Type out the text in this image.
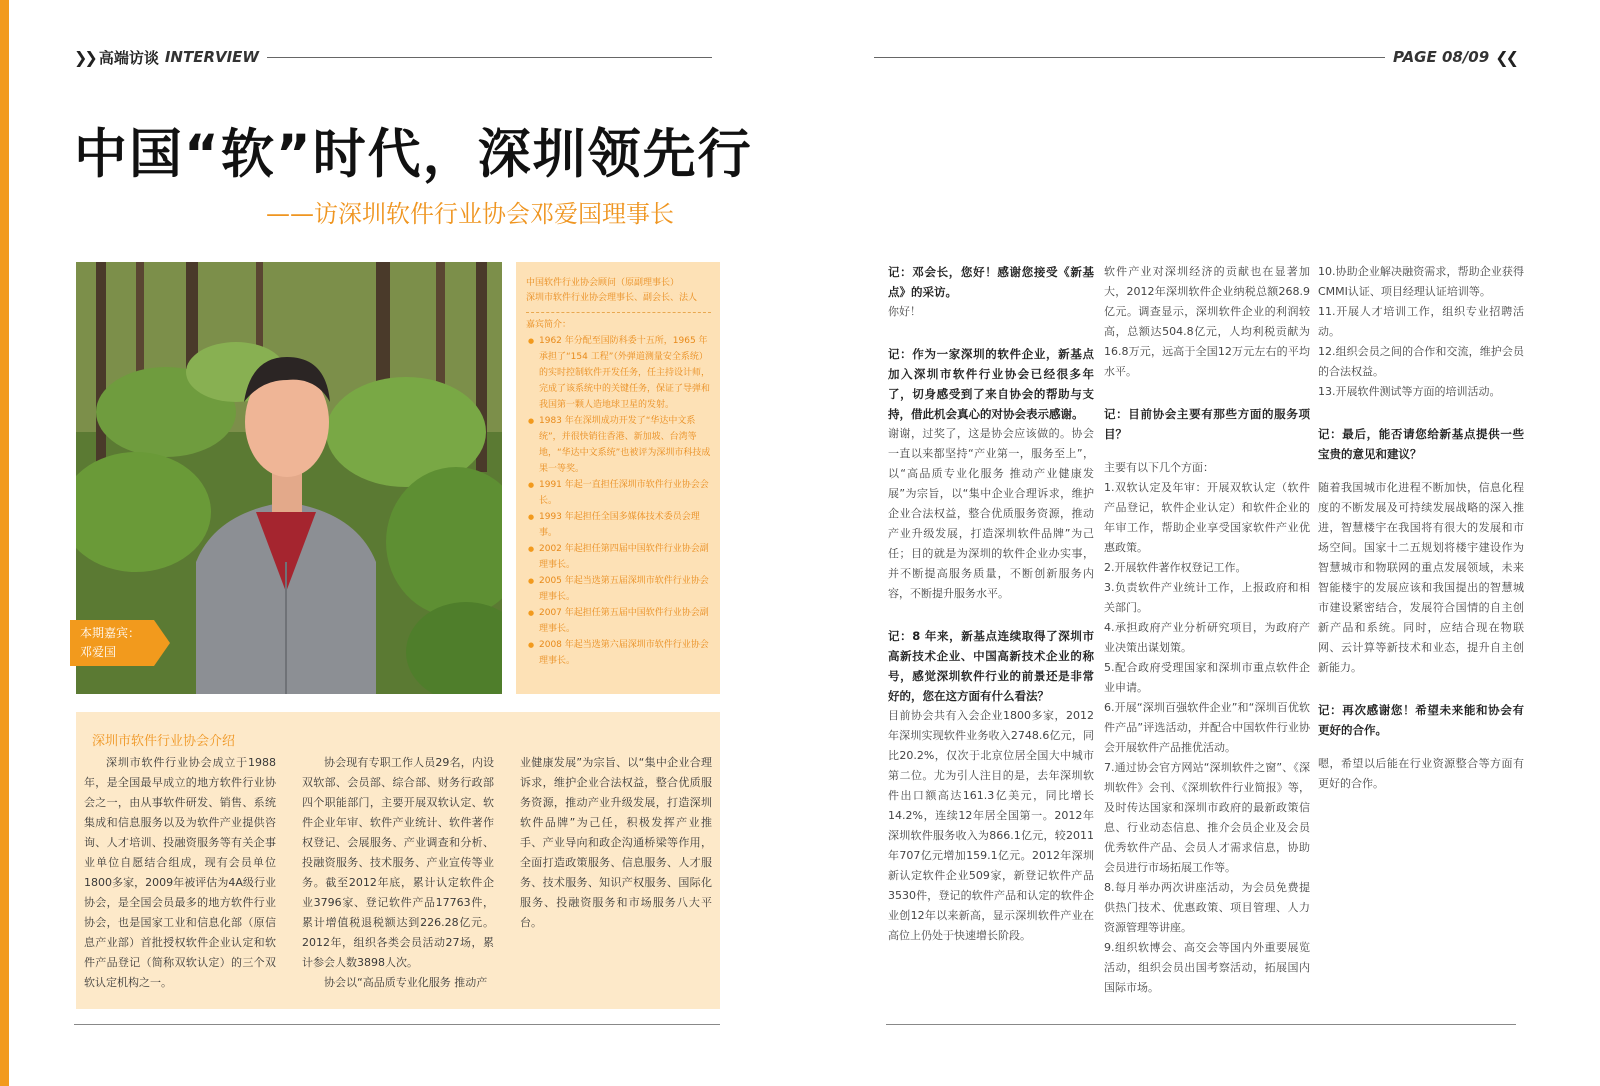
❯❯ 高端访谈 INTERVIEW	PAGE 08/09 ❮❮
中国“软”时代，深圳领先行
——访深圳软件行业协会邓爱国理事长
本期嘉宾：
邓爱国
中国软件行业协会顾问（原副理事长）
深圳市软件行业协会理事长、副会长、法人
嘉宾简介：
● 1962 年分配至国防科委十五所，1965 年承担了“154 工程”（外弹道测量安全系统）的实时控制软件开发任务，任主持设计师，完成了该系统中的关键任务，保证了导弹和我国第一颗人造地球卫星的发射。
● 1983 年在深圳成功开发了“华达中文系统”，并很快销往香港、新加坡、台湾等地，“华达中文系统”也被评为深圳市科技成果一等奖。
● 1991 年起一直担任深圳市软件行业协会会长。
● 1993 年起担任全国多媒体技术委员会理事。
● 2002 年起担任第四届中国软件行业协会副理事长。
● 2005 年起当选第五届深圳市软件行业协会理事长。
● 2007 年起担任第五届中国软件行业协会副理事长。
● 2008 年起当选第六届深圳市软件行业协会理事长。
深圳市软件行业协会介绍

深圳市软件行业协会成立于1988年，是全国最早成立的地方软件行业协会之一，由从事软件研发、销售、系统集成和信息服务以及为软件产业提供咨询、人才培训、投融资服务等有关企事业单位自愿结合组成，现有会员单位1800多家，2009年被评估为4A级行业协会，是全国会员最多的地方软件行业协会，也是国家工业和信息化部（原信息产业部）首批授权软件企业认定和软件产品登记（简称双软认定）的三个双软认定机构之一。

协会现有专职工作人员29名，内设双软部、会员部、综合部、财务行政部四个职能部门，主要开展双软认定、软件企业年审、软件产业统计、软件著作权登记、会展服务、产业调查和分析、投融资服务、技术服务、产业宣传等业务。截至2012年底，累计认定软件企业3796家、登记软件产品17763件，累计增值税退税额达到226.28亿元。2012年，组织各类会员活动27场，累计参会人数3898人次。

协会以“高品质专业化服务 推动产

业健康发展”为宗旨、以“集中企业合理诉求，维护企业合法权益，整合优质服务资源，推动产业升级发展，打造深圳软件品牌”为己任，积极发挥产业推手、产业导向和政企沟通桥梁等作用，全面打造政策服务、信息服务、人才服务、技术服务、知识产权服务、国际化服务、投融资服务和市场服务八大平台。

记：邓会长，您好！感谢您接受《新基点》的采访。

你好！

记：作为一家深圳的软件企业，新基点加入深圳市软件行业协会已经很多年了，切身感受到了来自协会的帮助与支持，借此机会真心的对协会表示感谢。

谢谢，过奖了，这是协会应该做的。协会一直以来都坚持“产业第一，服务至上”，以“高品质专业化服务 推动产业健康发展”为宗旨，以“集中企业合理诉求，维护企业合法权益，整合优质服务资源，推动产业升级发展，打造深圳软件品牌”为己任；目的就是为深圳的软件企业办实事，并不断提高服务质量，不断创新服务内容，不断提升服务水平。

记：8 年来，新基点连续取得了深圳市高新技术企业、中国高新技术企业的称号，感觉深圳软件行业的前景还是非常好的，您在这方面有什么看法？

目前协会共有入会企业1800多家，2012年深圳实现软件业务收入2748.6亿元，同比20.2%，仅次于北京位居全国大中城市第二位。尤为引人注目的是，去年深圳软件出口额高达161.3亿美元，同比增长14.2%，连续12年居全国第一。2012年深圳软件服务收入为866.1亿元，较2011年707亿元增加159.1亿元。2012年深圳新认定软件企业509家，新登记软件产品3530件，登记的软件产品和认定的软件企业创12年以来新高，显示深圳软件产业在高位上仍处于快速增长阶段。

软件产业对深圳经济的贡献也在显著加大，2012年深圳软件企业纳税总额268.9亿元。调查显示，深圳软件企业的利润较高，总额达504.8亿元，人均利税贡献为16.8万元，远高于全国12万元左右的平均水平。

记：目前协会主要有那些方面的服务项目？

主要有以下几个方面：

1.双软认定及年审：开展双软认定（软件产品登记，软件企业认定）和软件企业的年审工作，帮助企业享受国家软件产业优惠政策。

2.开展软件著作权登记工作。

3.负责软件产业统计工作，上报政府和相关部门。

4.承担政府产业分析研究项目，为政府产业决策出谋划策。

5.配合政府受理国家和深圳市重点软件企业申请。

6.开展“深圳百强软件企业”和“深圳百优软件产品”评选活动，并配合中国软件行业协会开展软件产品推优活动。

7.通过协会官方网站“深圳软件之窗”、《深圳软件》会刊、《深圳软件行业简报》等，及时传达国家和深圳市政府的最新政策信息、行业动态信息、推介会员企业及会员优秀软件产品、会员人才需求信息，协助会员进行市场拓展工作等。

8.每月举办两次讲座活动，为会员免费提供热门技术、优惠政策、项目管理、人力资源管理等讲座。

9.组织软博会、高交会等国内外重要展览活动，组织会员出国考察活动，拓展国内国际市场。

10.协助企业解决融资需求，帮助企业获得CMMI认证、项目经理认证培训等。

11.开展人才培训工作，组织专业招聘活动。

12.组织会员之间的合作和交流，维护会员的合法权益。

13.开展软件测试等方面的培训活动。

记：最后，能否请您给新基点提供一些宝贵的意见和建议？

随着我国城市化进程不断加快，信息化程度的不断发展及可持续发展战略的深入推进，智慧楼宇在我国将有很大的发展和市场空间。国家十二五规划将楼宇建设作为智慧城市和物联网的重点发展领域，未来智能楼宇的发展应该和我国提出的智慧城市建设紧密结合，发展符合国情的自主创新产品和系统。同时，应结合现在物联网、云计算等新技术和业态，提升自主创新能力。

记：再次感谢您！希望未来能和协会有更好的合作。

嗯，希望以后能在行业资源整合等方面有更好的合作。
